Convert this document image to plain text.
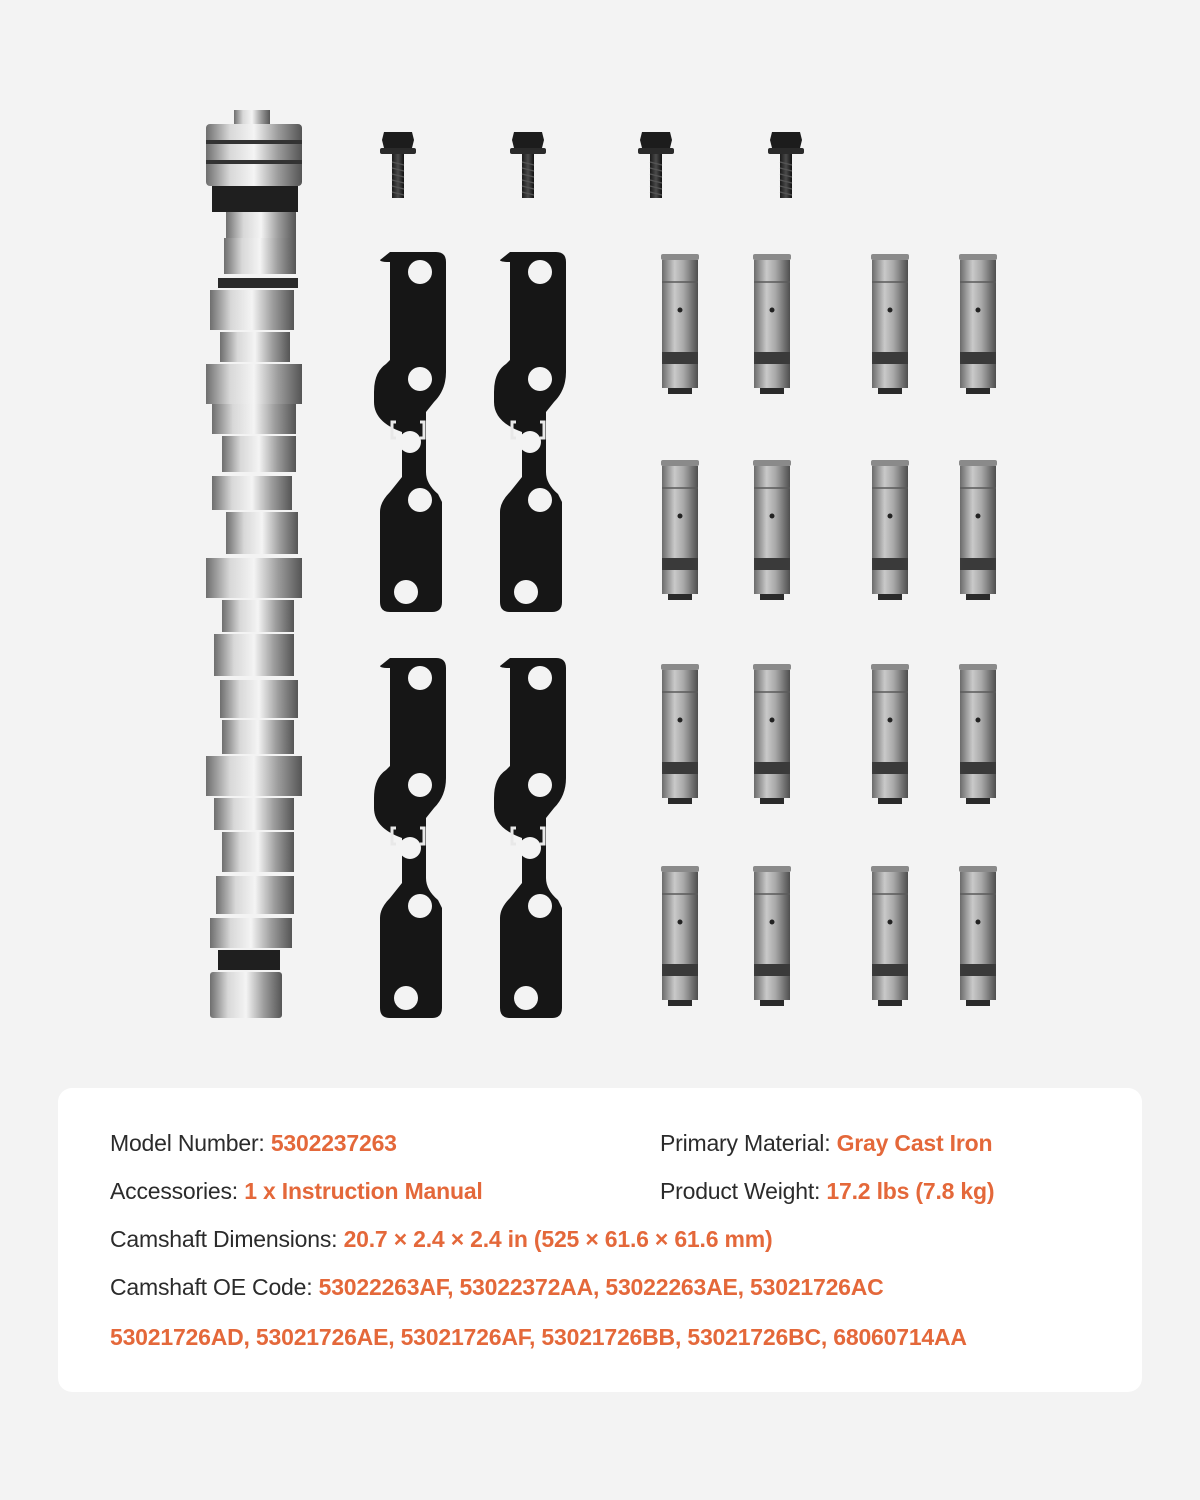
Model Number: 5302237263	Primary Material: Gray Cast Iron
Accessories: 1 x Instruction Manual	Product Weight: 17.2 lbs (7.8 kg)
Camshaft Dimensions: 20.7 × 2.4 × 2.4 in (525 × 61.6 × 61.6 mm)
Camshaft OE Code: 53022263AF, 53022372AA, 53022263AE, 53021726AC
53021726AD, 53021726AE, 53021726AF, 53021726BB, 53021726BC, 68060714AA
